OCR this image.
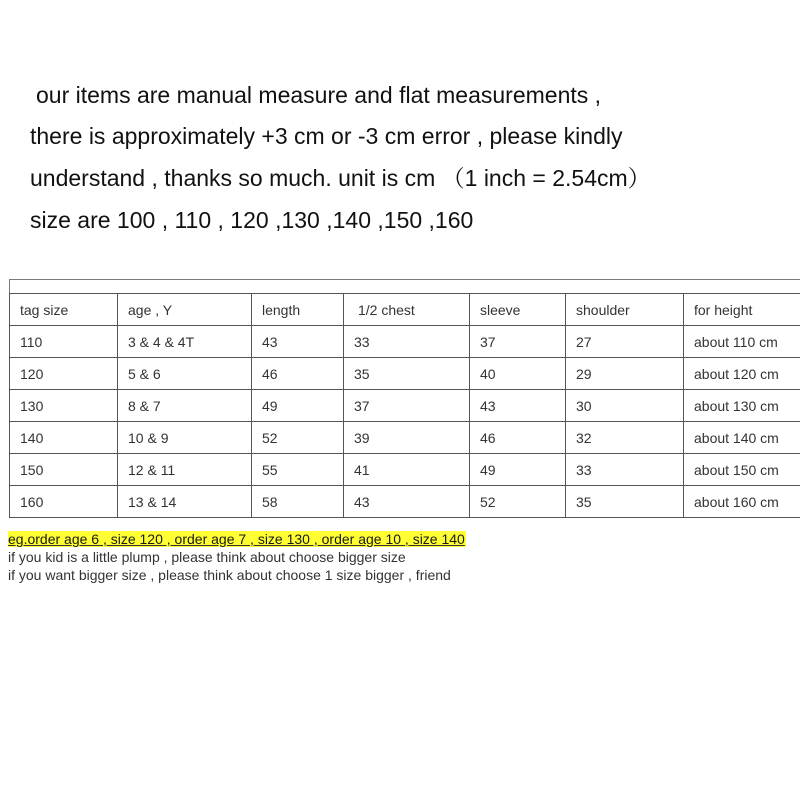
our items are manual measure and flat measurements ,
there is approximately +3 cm or -3 cm error , please kindly
understand , thanks so much. unit is cm （1 inch = 2.54cm）
size are 100 , 110 , 120 ,130 ,140 ,150 ,160
tag size	age , Y	length	1/2 chest	sleeve	shoulder	for height
110	3 & 4 & 4T	43	33	37	27	about 110 cm
120	5 & 6	46	35	40	29	about 120 cm
130	8 & 7	49	37	43	30	about 130 cm
140	10 & 9	52	39	46	32	about 140 cm
150	12 & 11	55	41	49	33	about 150 cm
160	13 & 14	58	43	52	35	about 160 cm
eg.order age 6 , size 120 , order age 7 , size 130 , order age 10 , size 140
if you kid is a little plump , please think about choose bigger size
if you want bigger size , please think about choose 1 size bigger , friend
